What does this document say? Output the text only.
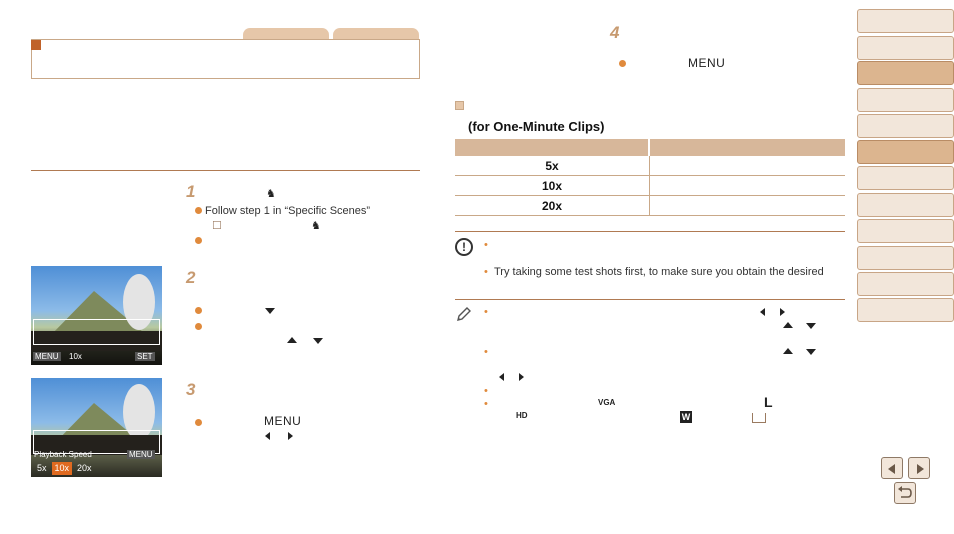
1	♞
Follow step 1 in “Specific Scenes”
☐	♞
2
3
MENU
MENU 10x	SET
Playback Speed	MENU
5x 10x 20x
4
MENU
(for One-Minute Clips)
5x
10x
20x
!	•
• Try taking some test shots first, to make sure you obtain the desired
•
•
•
•	VGA	L
HD	W
